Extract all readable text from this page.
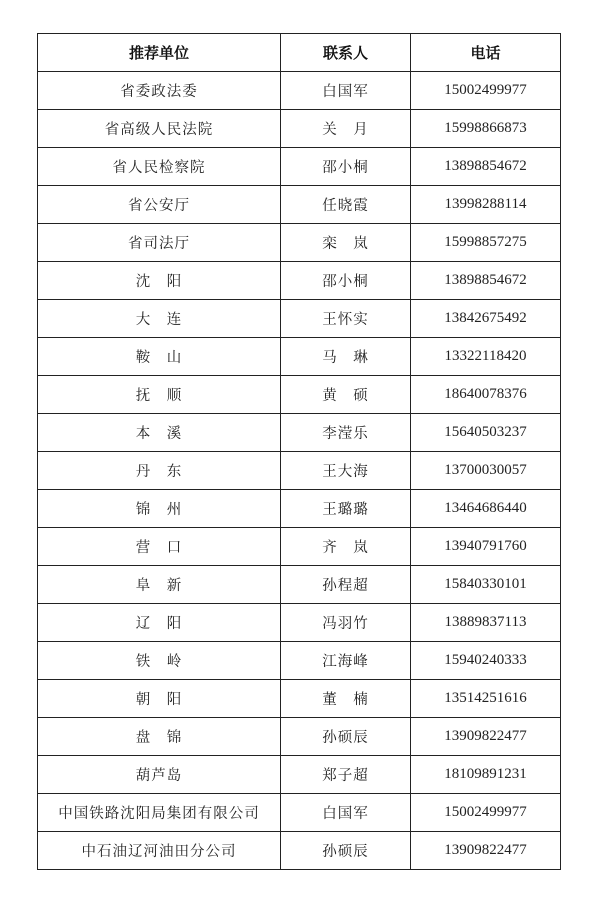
推荐单位	联系人	电话
省委政法委	白国军	15002499977
省高级人民法院	关　月	15998866873
省人民检察院	邵小桐	13898854672
省公安厅	任晓霞	13998288114
省司法厅	栾　岚	15998857275
沈　阳	邵小桐	13898854672
大　连	王怀实	13842675492
鞍　山	马　琳	13322118420
抚　顺	黄　硕	18640078376
本　溪	李滢乐	15640503237
丹　东	王大海	13700030057
锦　州	王璐璐	13464686440
营　口	齐　岚	13940791760
阜　新	孙程超	15840330101
辽　阳	冯羽竹	13889837113
铁　岭	江海峰	15940240333
朝　阳	董　楠	13514251616
盘　锦	孙硕辰	13909822477
葫芦岛	郑子超	18109891231
中国铁路沈阳局集团有限公司	白国军	15002499977
中石油辽河油田分公司	孙硕辰	13909822477
